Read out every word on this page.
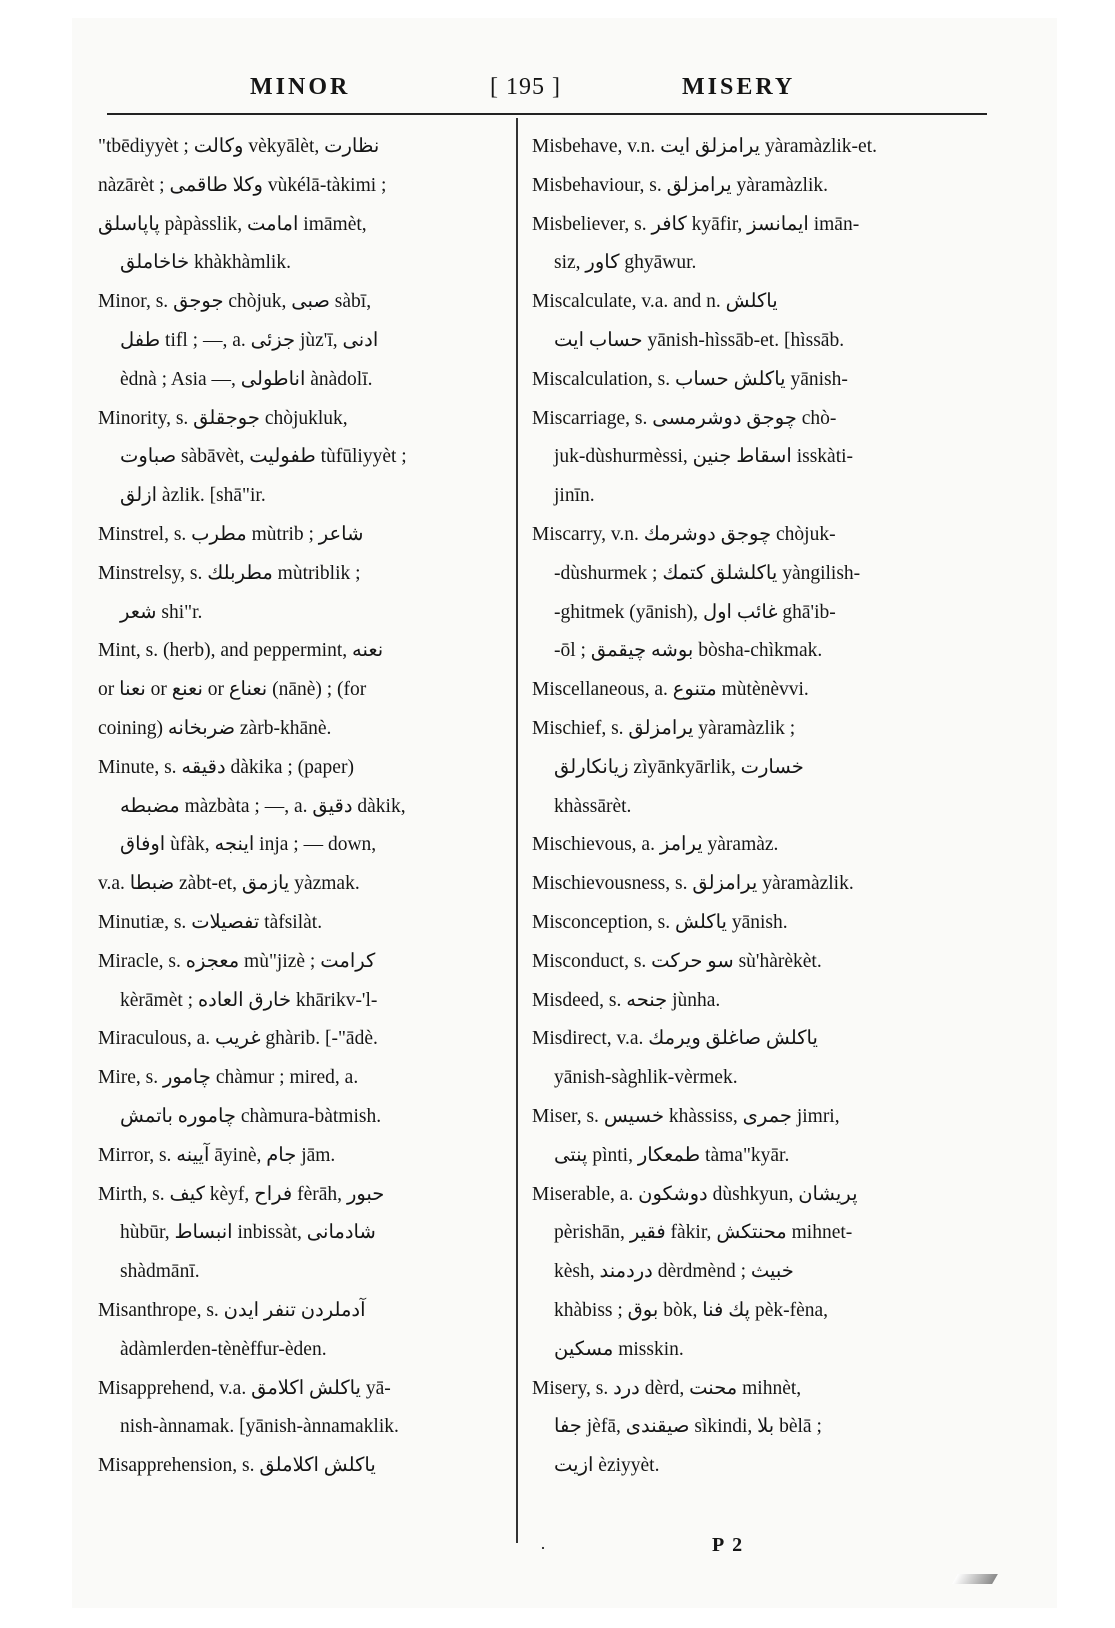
MINOR	[ 195 ]	MISERY
"tbēdiyyèt ; وكالت vèkyālèt, نظارت
nàzārèt ; وكلا طاقمى vùkélā-tàkimi ;
پاپاسلق pàpàsslik, امامت imāmèt,
خاخاملق khàkhàmlik.
Minor, s. جوجق chòjuk, صبى sàbī,
طفل tifl ; —, a. جزئى jùz'ī, ادنى
èdnà ; Asia —, اناطولى ànàdolī.
Minority, s. جوجقلق chòjukluk,
صباوت sàbāvèt, طفوليت tùfūliyyèt ;
ازلق àzlik. [shā"ir.
Minstrel, s. مطرب mùtrib ; شاعر
Minstrelsy, s. مطربلك mùtriblik ;
شعر shi"r.
Mint, s. (herb), and peppermint, نعنه
or نعنا or نعنع or نعناع (nānè) ; (for
coining) ضربخانه zàrb-khānè.
Minute, s. دقيقه dàkika ; (paper)
مضبطه màzbàta ; —, a. دقيق dàkik,
اوفاق ùfàk, اينجه inja ; — down,
v.a. ضبطا zàbt-et, يازمق yàzmak.
Minutiæ, s. تفصيلات tàfsilàt.
Miracle, s. معجزه mù"jizè ; كرامت
kèrāmèt ; خارق العاده khārikv-'l-
Miraculous, a. غريب ghàrib. [-"ādè.
Mire, s. چامور chàmur ; mired, a.
چاموره باتمش chàmura-bàtmish.
Mirror, s. آيينه āyinè, جام jām.
Mirth, s. كيف kèyf, فراح fèrāh, حبور
hùbūr, انبساط inbissàt, شادمانى
shàdmānī.
Misanthrope, s. آدملردن تنفر ايدن
àdàmlerden-tènèffur-èden.
Misapprehend, v.a. ياكلش اكلامق yā-
nish-ànnamak. [yānish-ànnamaklik.
Misapprehension, s. ياكلش اكلاملق
Misbehave, v.n. يرامزلق ايت yàramàzlik-et.
Misbehaviour, s. يرامزلق yàramàzlik.
Misbeliever, s. كافر kyāfir, ايمانسز imān-
siz, كاور ghyāwur.
Miscalculate, v.a. and n. ياكلش
حساب ايت yānish-hìssāb-et. [hìssāb.
Miscalculation, s. ياكلش حساب yānish-
Miscarriage, s. چوجق دوشرمسى chò-
juk-dùshurmèssi, اسقاط جنين isskàti-
jinīn.
Miscarry, v.n. چوجق دوشرمك chòjuk-
-dùshurmek ; ياكلشلق كتمك yàngilish-
-ghitmek (yānish), غائب اول ghā'ib-
-ōl ; بوشه چيقمق bòsha-chìkmak.
Miscellaneous, a. متنوع mùtènèvvi.
Mischief, s. يرامزلق yàramàzlik ;
زيانكارلق zìyānkyārlik, خسارت
khàssārèt.
Mischievous, a. يرامز yàramàz.
Mischievousness, s. يرامزلق yàramàzlik.
Misconception, s. ياكلش yānish.
Misconduct, s. سو حركت sù'hàrèkèt.
Misdeed, s. جنحه jùnha.
Misdirect, v.a. ياكلش صاغلق ويرمك
yānish-sàghlik-vèrmek.
Miser, s. خسيس khàssiss, جمرى jimri,
پنتى pìnti, طمعكار tàma"kyār.
Miserable, a. دوشكون dùshkyun, پريشان
pèrishān, فقير fàkir, محنتكش mihnet-
kèsh, دردمند dèrdmènd ; خبيث
khàbiss ; بوق bòk, پك فنا pèk-fèna,
مسكين misskin.
Misery, s. درد dèrd, محنت mihnèt,
جفا jèfā, صيقندى sìkindi, بلا bèlā ;
ازيت èziyyèt.
·	P 2
